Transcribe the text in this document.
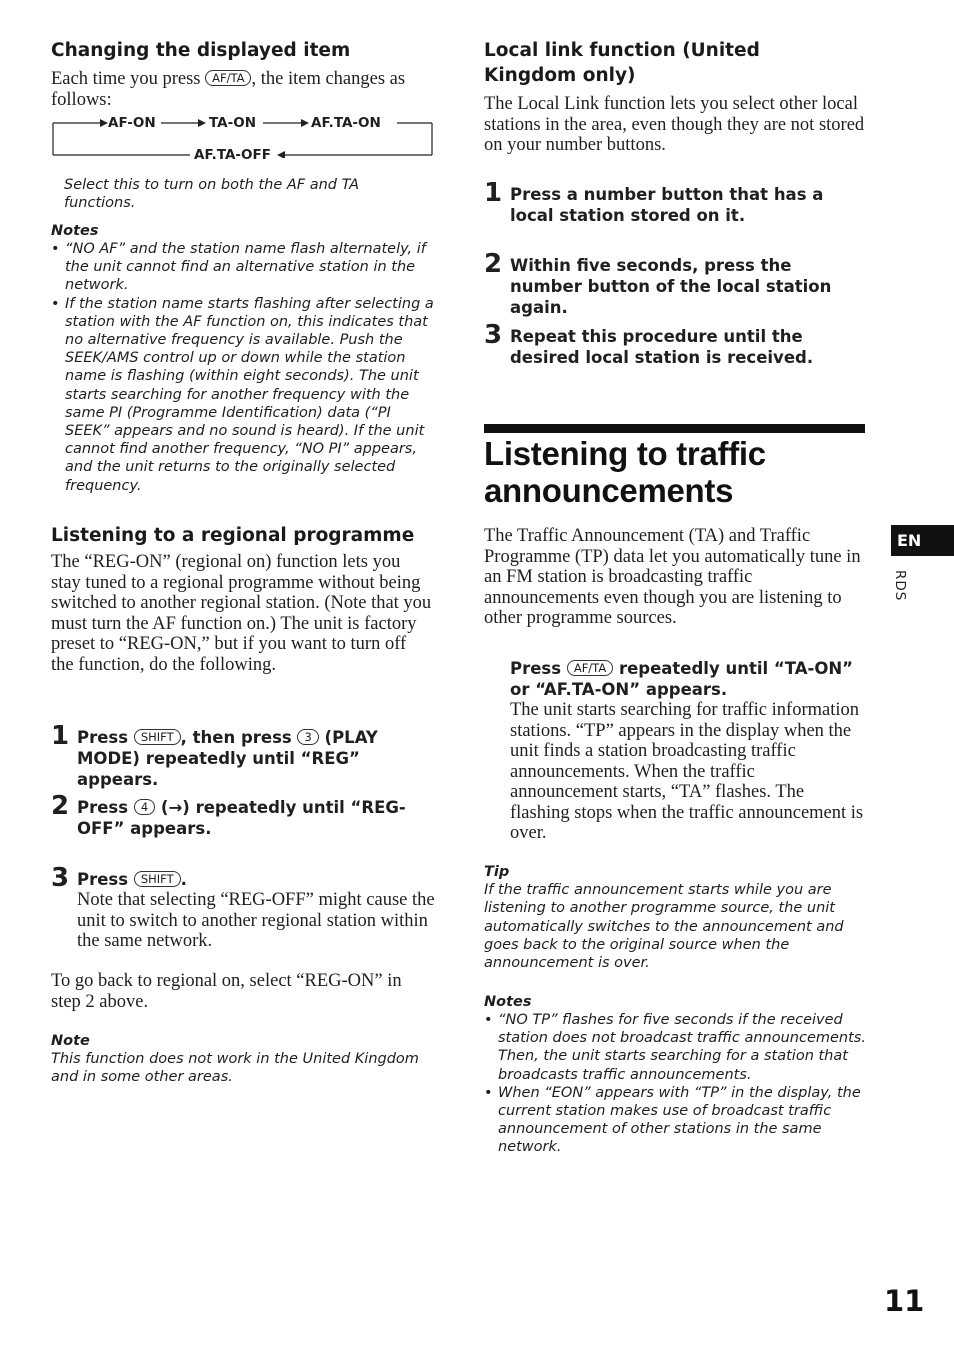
Changing the displayed item

Each time you press AF/TA , the item changes as follows:

AF-ON	TA-ON	AF.TA-ON
AF.TA-OFF

Select this to turn on both the AF and TA functions.

Notes

• “NO AF” and the station name flash alternately, if the unit cannot find an alternative station in the network.
• If the station name starts flashing after selecting a station with the AF function on, this indicates that no alternative frequency is available. Push the SEEK/AMS control up or down while the station name is flashing (within eight seconds). The unit starts searching for another frequency with the same PI (Programme Identification) data (“PI SEEK” appears and no sound is heard). If the unit cannot find another frequency, “NO PI” appears, and the unit returns to the originally selected frequency.
Listening to a regional programme

The “REG-ON” (regional on) function lets you stay tuned to a regional programme without being switched to another regional station. (Note that you must turn the AF function on.) The unit is factory preset to “REG-ON,” but if you want to turn off the function, do the following.

1 Press SHIFT , then press 3 (PLAY MODE) repeatedly until “REG” appears.
2 Press 4 (→) repeatedly until “REG-OFF” appears.
3 Press SHIFT .
Note that selecting “REG-OFF” might cause the unit to switch to another regional station within the same network.

To go back to regional on, select “REG-ON” in step 2 above.

Note

This function does not work in the United Kingdom and in some other areas.

Local link function (United Kingdom only)

The Local Link function lets you select other local stations in the area, even though they are not stored on your number buttons.

1 Press a number button that has a local station stored on it.
2 Within five seconds, press the number button of the local station again.
3 Repeat this procedure until the desired local station is received.
Listening to traffic announcements

The Traffic Announcement (TA) and Traffic Programme (TP) data let you automatically tune in an FM station is broadcasting traffic announcements even though you are listening to other programme sources.

Press AF/TA repeatedly until “TA-ON” or “AF.TA-ON” appears.
The unit starts searching for traffic information stations. “TP” appears in the display when the unit finds a station broadcasting traffic announcements. When the traffic announcement starts, “TA” flashes. The flashing stops when the traffic announcement is over.

Tip

If the traffic announcement starts while you are listening to another programme source, the unit automatically switches to the announcement and goes back to the original source when the announcement is over.

Notes

• “NO TP” flashes for five seconds if the received station does not broadcast traffic announcements. Then, the unit starts searching for a station that broadcasts traffic announcements.
• When “EON” appears with “TP” in the display, the current station makes use of broadcast traffic announcement of other stations in the same network.
EN
RDS
11
